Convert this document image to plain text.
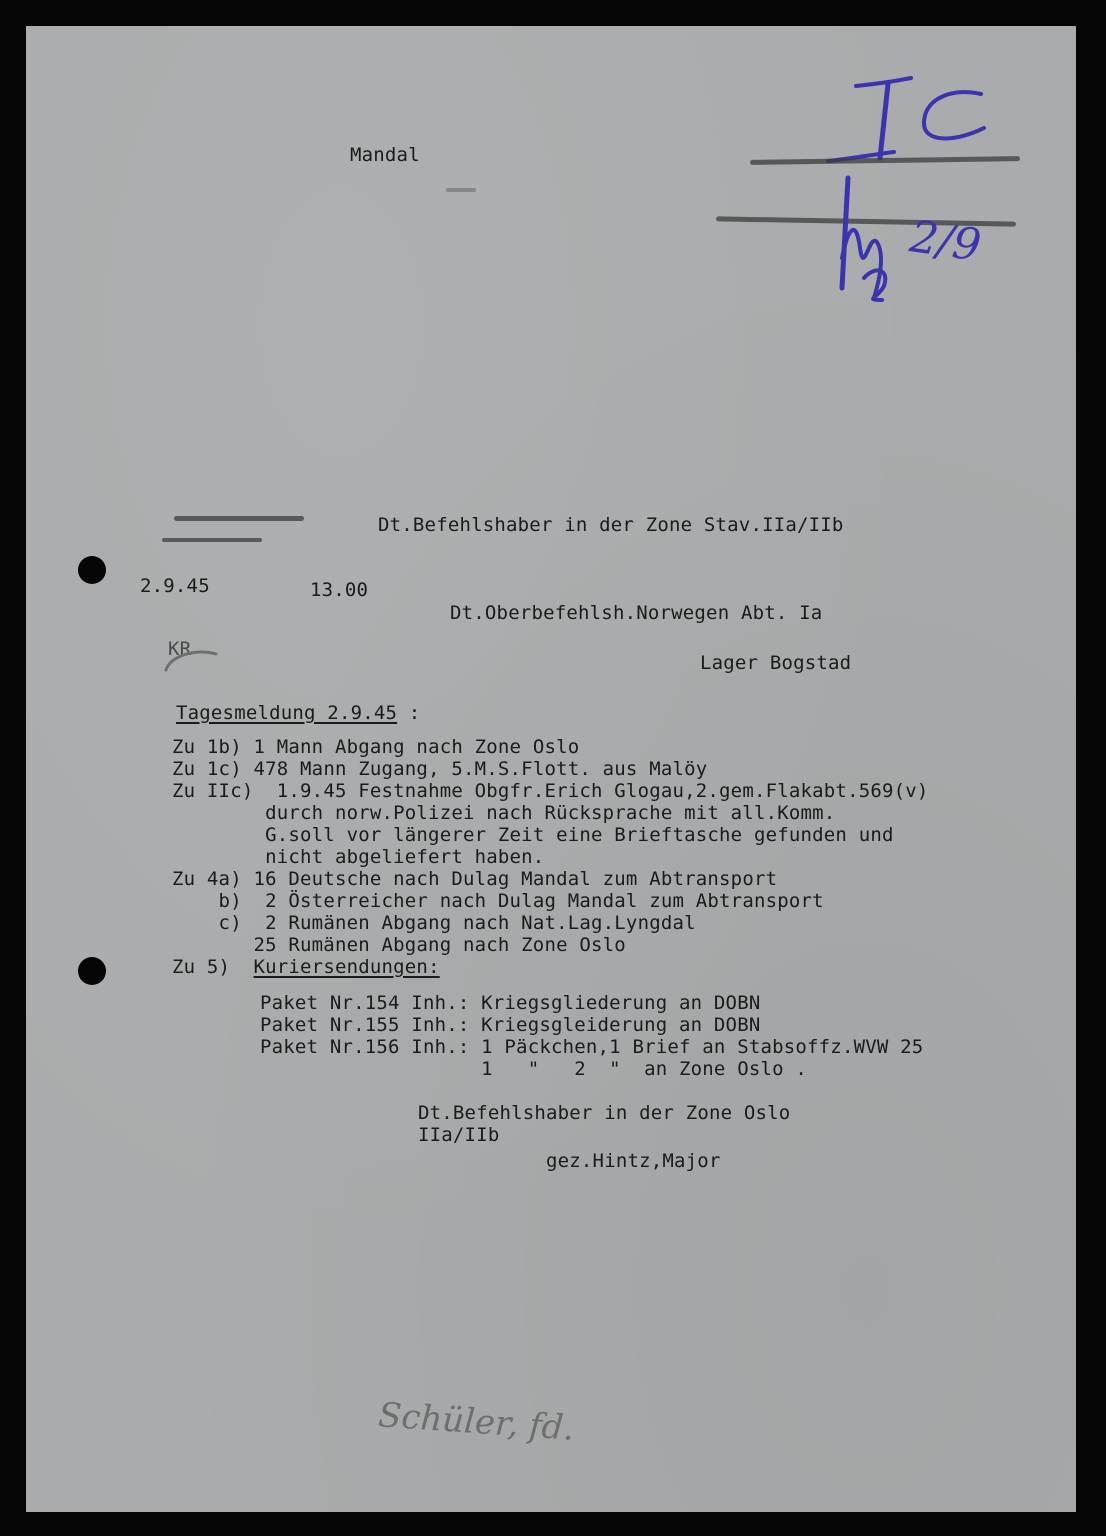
2/9

Mandal

Dt.Befehlshaber in der Zone Stav.IIa/IIb

2.9.45	13.00

Dt.Oberbefehlsh.Norwegen Abt. Ia

KR

Lager Bogstad

Tagesmeldung 2.9.45 :

Zu 1b) 1 Mann Abgang nach Zone Oslo

Zu 1c) 478 Mann Zugang, 5.M.S.Flott. aus Malöy

Zu IIc)  1.9.45 Festnahme Obgfr.Erich Glogau,2.gem.Flakabt.569(v)

durch norw.Polizei nach Rücksprache mit all.Komm.

G.soll vor längerer Zeit eine Brieftasche gefunden und

nicht abgeliefert haben.

Zu 4a) 16 Deutsche nach Dulag Mandal zum Abtransport

b)  2 Österreicher nach Dulag Mandal zum Abtransport

c)  2 Rumänen Abgang nach Nat.Lag.Lyngdal

25 Rumänen Abgang nach Zone Oslo

Zu 5) Kuriersendungen:

Paket Nr.154 Inh.: Kriegsgliederung an DOBN

Paket Nr.155 Inh.: Kriegsgleiderung an DOBN

Paket Nr.156 Inh.: 1 Päckchen,1 Brief an Stabsoffz.WVW 25

1   "   2  "  an Zone Oslo .

Dt.Befehlshaber in der Zone Oslo

IIa/IIb

gez.Hintz,Major

Schüler, fd.
